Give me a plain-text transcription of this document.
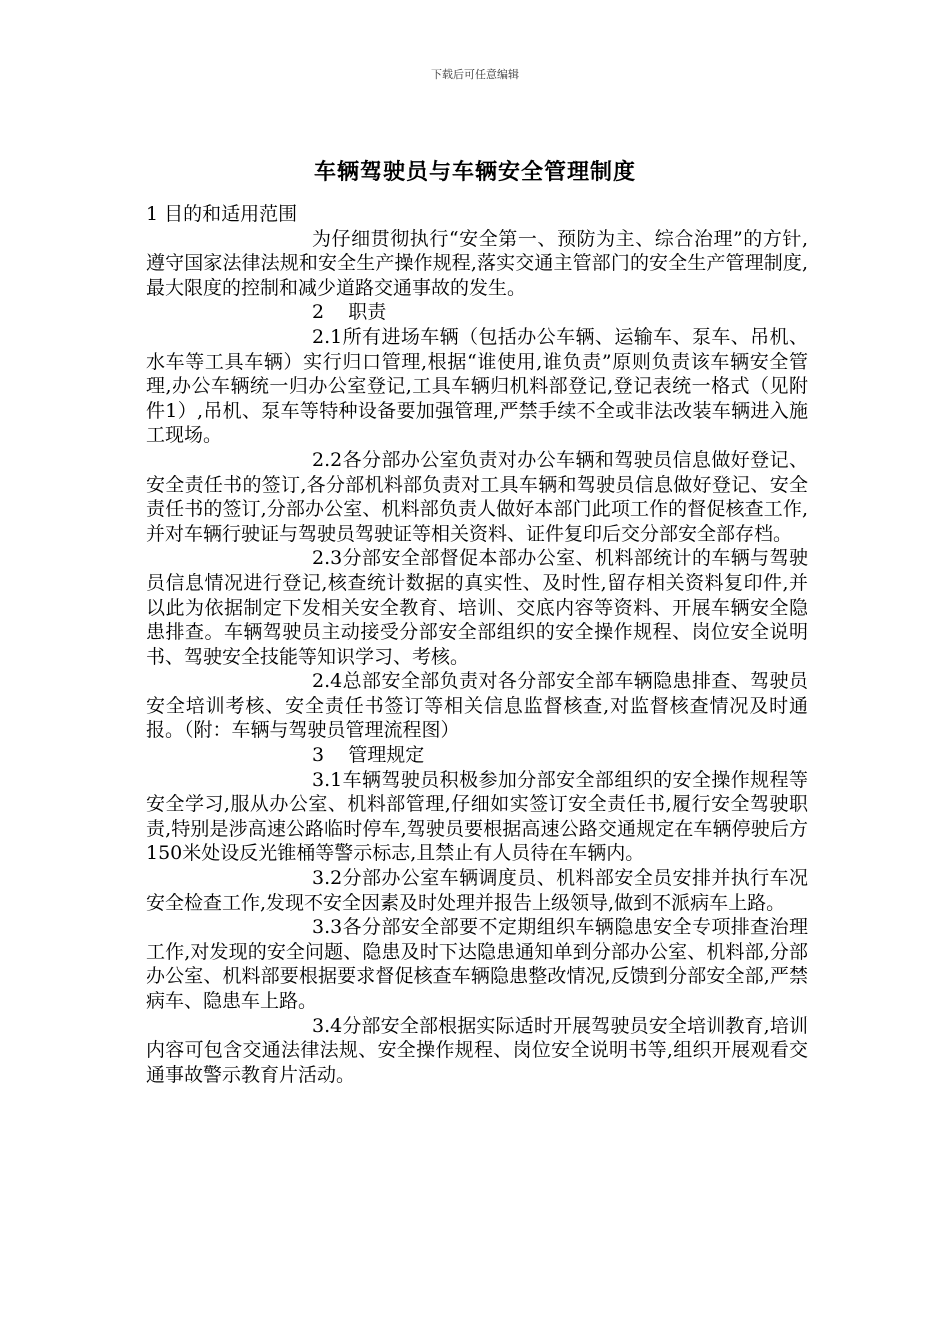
下载后可任意编辑
车辆驾驶员与车辆安全管理制度

1 目的和适用范围

为仔细贯彻执行“安全第一、预防为主、综合治理”的方针,遵守国家法律法规和安全生产操作规程,落实交通主管部门的安全生产管理制度,最大限度的控制和减少道路交通事故的发生。

2    职责

2.1所有进场车辆（包括办公车辆、运输车、泵车、吊机、水车等工具车辆）实行归口管理,根据“谁使用,谁负责”原则负责该车辆安全管理,办公车辆统一归办公室登记,工具车辆归机料部登记,登记表统一格式（见附件1）,吊机、泵车等特种设备要加强管理,严禁手续不全或非法改装车辆进入施工现场。

2.2各分部办公室负责对办公车辆和驾驶员信息做好登记、安全责任书的签订,各分部机料部负责对工具车辆和驾驶员信息做好登记、安全责任书的签订,分部办公室、机料部负责人做好本部门此项工作的督促核查工作,并对车辆行驶证与驾驶员驾驶证等相关资料、证件复印后交分部安全部存档。

2.3分部安全部督促本部办公室、机料部统计的车辆与驾驶员信息情况进行登记,核查统计数据的真实性、及时性,留存相关资料复印件,并以此为依据制定下发相关安全教育、培训、交底内容等资料、开展车辆安全隐患排查。车辆驾驶员主动接受分部安全部组织的安全操作规程、岗位安全说明书、驾驶安全技能等知识学习、考核。

2.4总部安全部负责对各分部安全部车辆隐患排查、驾驶员安全培训考核、安全责任书签订等相关信息监督核查,对监督核查情况及时通报。（附：车辆与驾驶员管理流程图）

3    管理规定

3.1车辆驾驶员积极参加分部安全部组织的安全操作规程等安全学习,服从办公室、机料部管理,仔细如实签订安全责任书,履行安全驾驶职责,特别是涉高速公路临时停车,驾驶员要根据高速公路交通规定在车辆停驶后方150米处设反光锥桶等警示标志,且禁止有人员待在车辆内。

3.2分部办公室车辆调度员、机料部安全员安排并执行车况安全检查工作,发现不安全因素及时处理并报告上级领导,做到不派病车上路。

3.3各分部安全部要不定期组织车辆隐患安全专项排查治理工作,对发现的安全问题、隐患及时下达隐患通知单到分部办公室、机料部,分部办公室、机料部要根据要求督促核查车辆隐患整改情况,反馈到分部安全部,严禁病车、隐患车上路。

3.4分部安全部根据实际适时开展驾驶员安全培训教育,培训内容可包含交通法律法规、安全操作规程、岗位安全说明书等,组织开展观看交通事故警示教育片活动。
